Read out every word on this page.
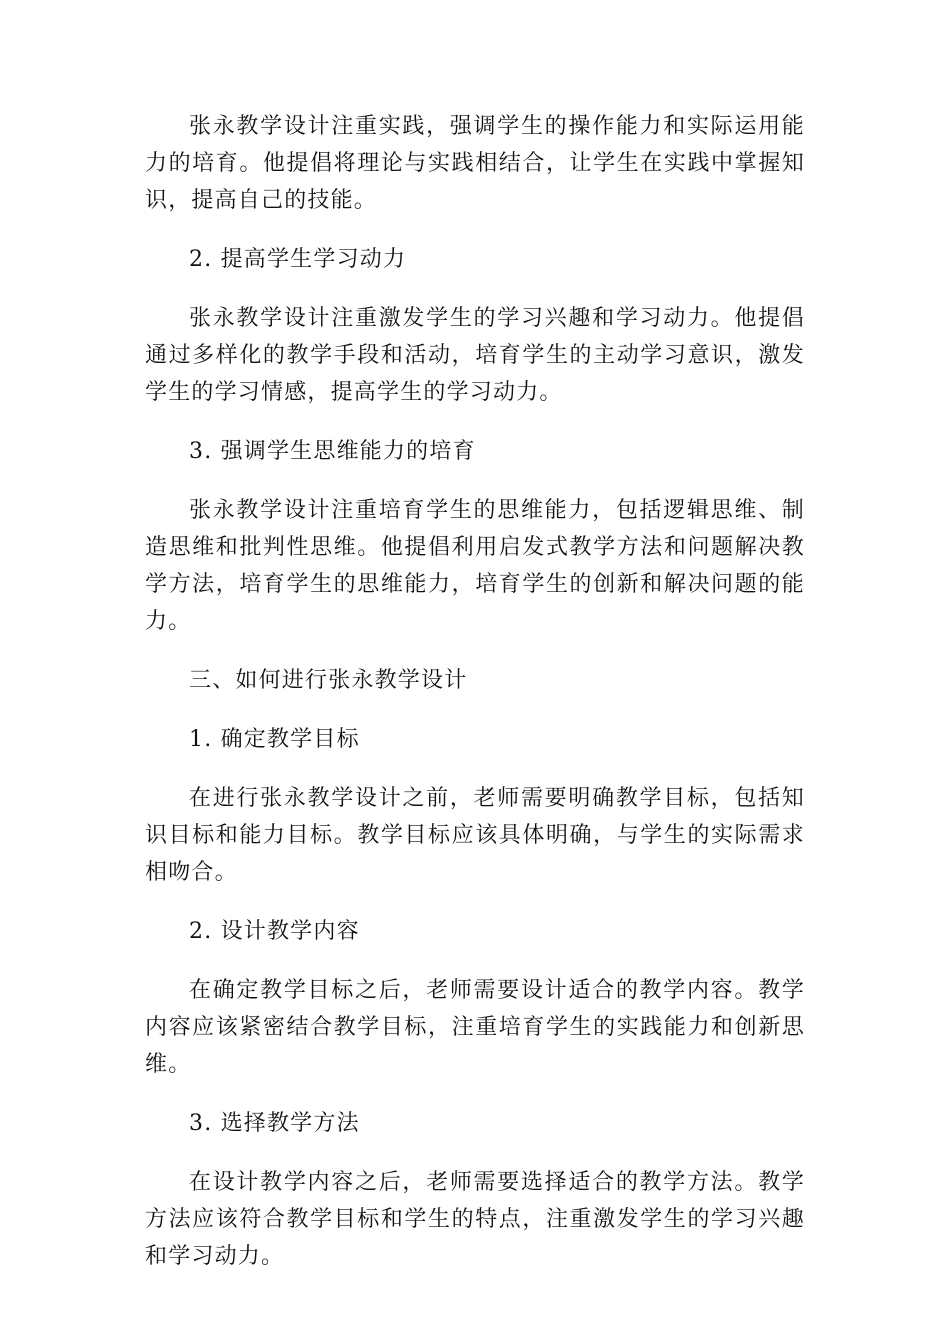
张永教学设计注重实践，强调学生的操作能力和实际运用能力的培育。他提倡将理论与实践相结合，让学生在实践中掌握知识，提高自己的技能。

2. 提高学生学习动力

张永教学设计注重激发学生的学习兴趣和学习动力。他提倡通过多样化的教学手段和活动，培育学生的主动学习意识，激发学生的学习情感，提高学生的学习动力。

3. 强调学生思维能力的培育

张永教学设计注重培育学生的思维能力，包括逻辑思维、制造思维和批判性思维。他提倡利用启发式教学方法和问题解决教学方法，培育学生的思维能力，培育学生的创新和解决问题的能力。

三、如何进行张永教学设计

1. 确定教学目标

在进行张永教学设计之前，老师需要明确教学目标，包括知识目标和能力目标。教学目标应该具体明确，与学生的实际需求相吻合。

2. 设计教学内容

在确定教学目标之后，老师需要设计适合的教学内容。教学内容应该紧密结合教学目标，注重培育学生的实践能力和创新思维。

3. 选择教学方法

在设计教学内容之后，老师需要选择适合的教学方法。教学方法应该符合教学目标和学生的特点，注重激发学生的学习兴趣和学习动力。
